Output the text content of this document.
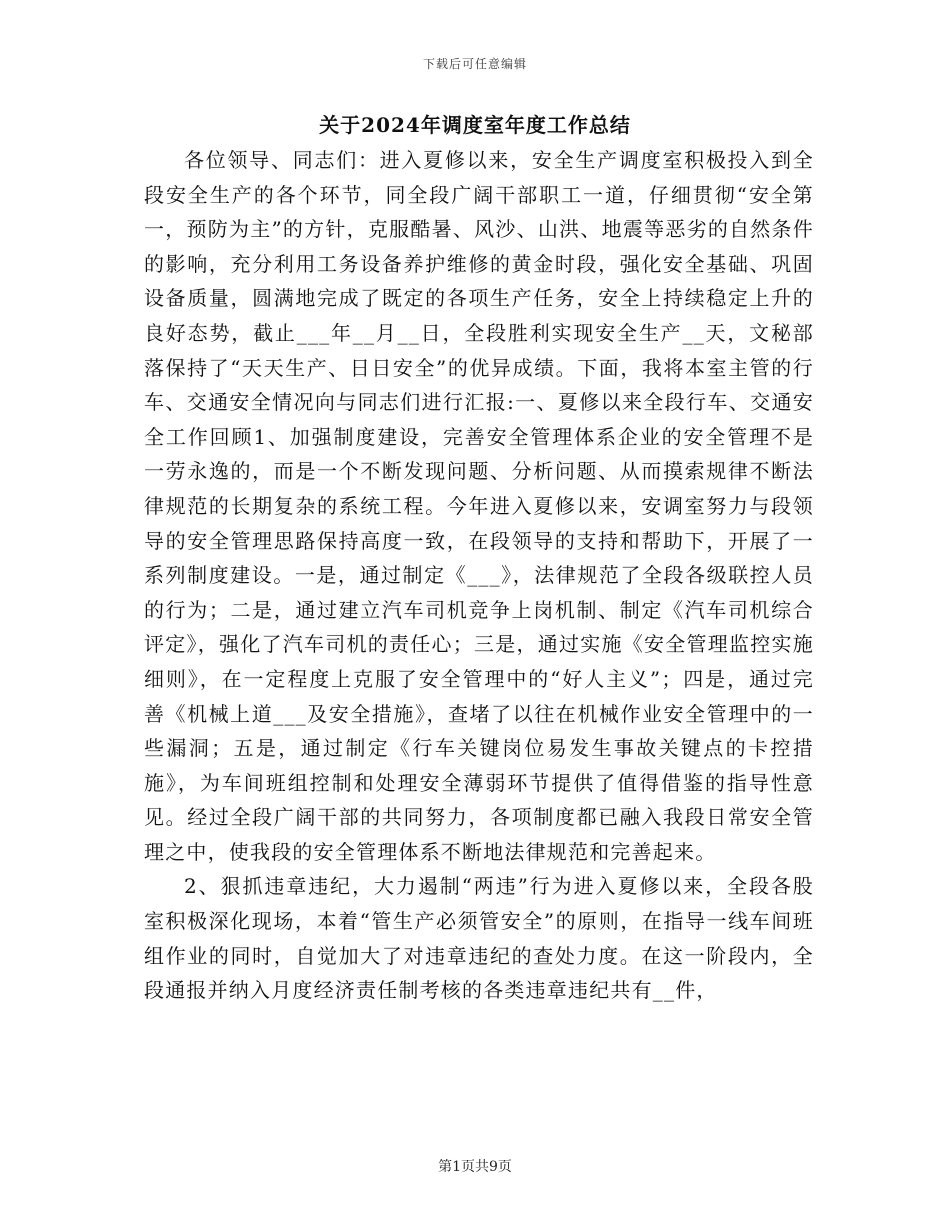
下载后可任意编辑
关于2024年调度室年度工作总结

各位领导、同志们：进入夏修以来，安全生产调度室积极投入到全段安全生产的各个环节，同全段广阔干部职工一道，仔细贯彻“安全第一，预防为主”的方针，克服酷暑、风沙、山洪、地震等恶劣的自然条件的影响，充分利用工务设备养护维修的黄金时段，强化安全基础、巩固设备质量，圆满地完成了既定的各项生产任务，安全上持续稳定上升的良好态势，截止___年__月__日，全段胜利实现安全生产__天，文秘部落保持了“天天生产、日日安全”的优异成绩。下面，我将本室主管的行车、交通安全情况向与同志们进行汇报:一、夏修以来全段行车、交通安全工作回顾1、加强制度建设，完善安全管理体系企业的安全管理不是一劳永逸的，而是一个不断发现问题、分析问题、从而摸索规律不断法律规范的长期复杂的系统工程。今年进入夏修以来，安调室努力与段领导的安全管理思路保持高度一致，在段领导的支持和帮助下，开展了一系列制度建设。一是，通过制定《___》，法律规范了全段各级联控人员的行为；二是，通过建立汽车司机竞争上岗机制、制定《汽车司机综合评定》，强化了汽车司机的责任心；三是，通过实施《安全管理监控实施细则》，在一定程度上克服了安全管理中的“好人主义”；四是，通过完善《机械上道___及安全措施》，查堵了以往在机械作业安全管理中的一些漏洞；五是，通过制定《行车关键岗位易发生事故关键点的卡控措施》，为车间班组控制和处理安全薄弱环节提供了值得借鉴的指导性意见。经过全段广阔干部的共同努力，各项制度都已融入我段日常安全管理之中，使我段的安全管理体系不断地法律规范和完善起来。

2、狠抓违章违纪，大力遏制“两违”行为进入夏修以来，全段各股室积极深化现场，本着“管生产必须管安全”的原则，在指导一线车间班组作业的同时，自觉加大了对违章违纪的查处力度。在这一阶段内，全段通报并纳入月度经济责任制考核的各类违章违纪共有__件，

第1页共9页
